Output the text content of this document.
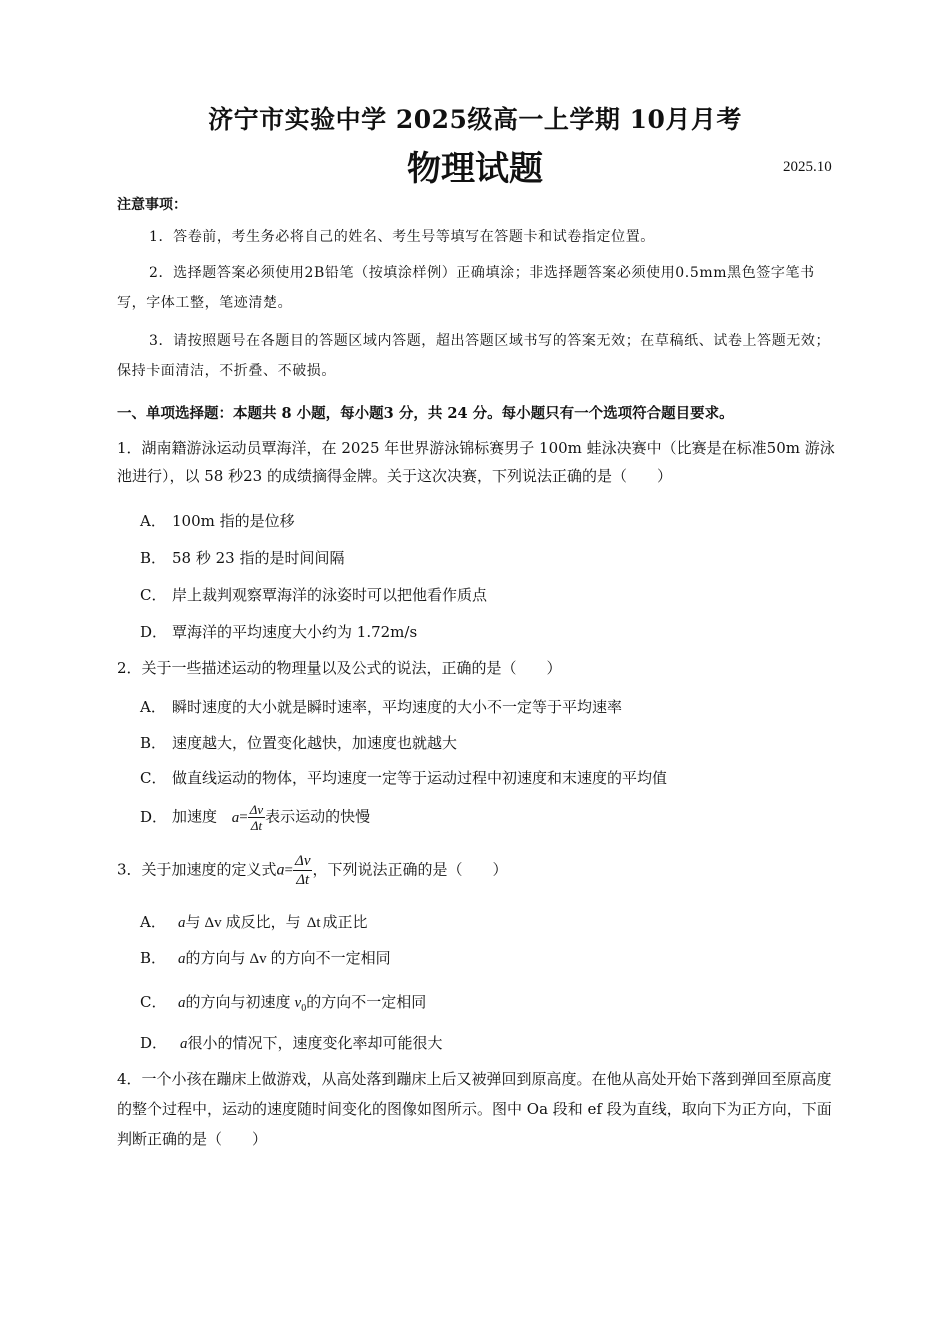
济宁市实验中学 2025级高一上学期 10月月考
物理试题	2025.10
注意事项：
1．答卷前，考生务必将自己的姓名、考生号等填写在答题卡和试卷指定位置。
2．选择题答案必须使用2B铅笔（按填涂样例）正确填涂；非选择题答案必须使用0.5mm黑色签字笔书写，字体工整，笔迹清楚。
3．请按照题号在各题目的答题区域内答题，超出答题区域书写的答案无效；在草稿纸、试卷上答题无效；保持卡面清洁，不折叠、不破损。
一、单项选择题：本题共 8 小题，每小题3 分，共 24 分。每小题只有一个选项符合题目要求。
1．湖南籍游泳运动员覃海洋，在 2025 年世界游泳锦标赛男子 100m 蛙泳决赛中（比赛是在标准50m 游泳池进行），以 58 秒23 的成绩摘得金牌。关于这次决赛，下列说法正确的是（　　）
A． 100m 指的是位移
B． 58 秒 23 指的是时间间隔
C． 岸上裁判观察覃海洋的泳姿时可以把他看作质点
D． 覃海洋的平均速度大小约为 1.72m/s
2．关于一些描述运动的物理量以及公式的说法，正确的是（　　）
A． 瞬时速度的大小就是瞬时速率，平均速度的大小不一定等于平均速率
B． 速度越大，位置变化越快，加速度也就越大
C． 做直线运动的物体，平均速度一定等于运动过程中初速度和末速度的平均值
D． 加速度 $a= \frac{\Delta v}{\Delta t}$ 表示运动的快慢
3．关于加速度的定义式$a= \frac{\Delta v}{\Delta t}$ ，下列说法正确的是（　　）
A． a与 Δv 成反比，与 Δt 成正比
B． a的方向与 Δv 的方向不一定相同
C． a的方向与初速度 $v_0$的方向不一定相同
D． a很小的情况下，速度变化率却可能很大
4．一个小孩在蹦床上做游戏，从高处落到蹦床上后又被弹回到原高度。在他从高处开始下落到弹回至原高度的整个过程中，运动的速度随时间变化的图像如图所示。图中 Oa 段和 ef 段为直线，取向下为正方向，下面判断正确的是（　　）
